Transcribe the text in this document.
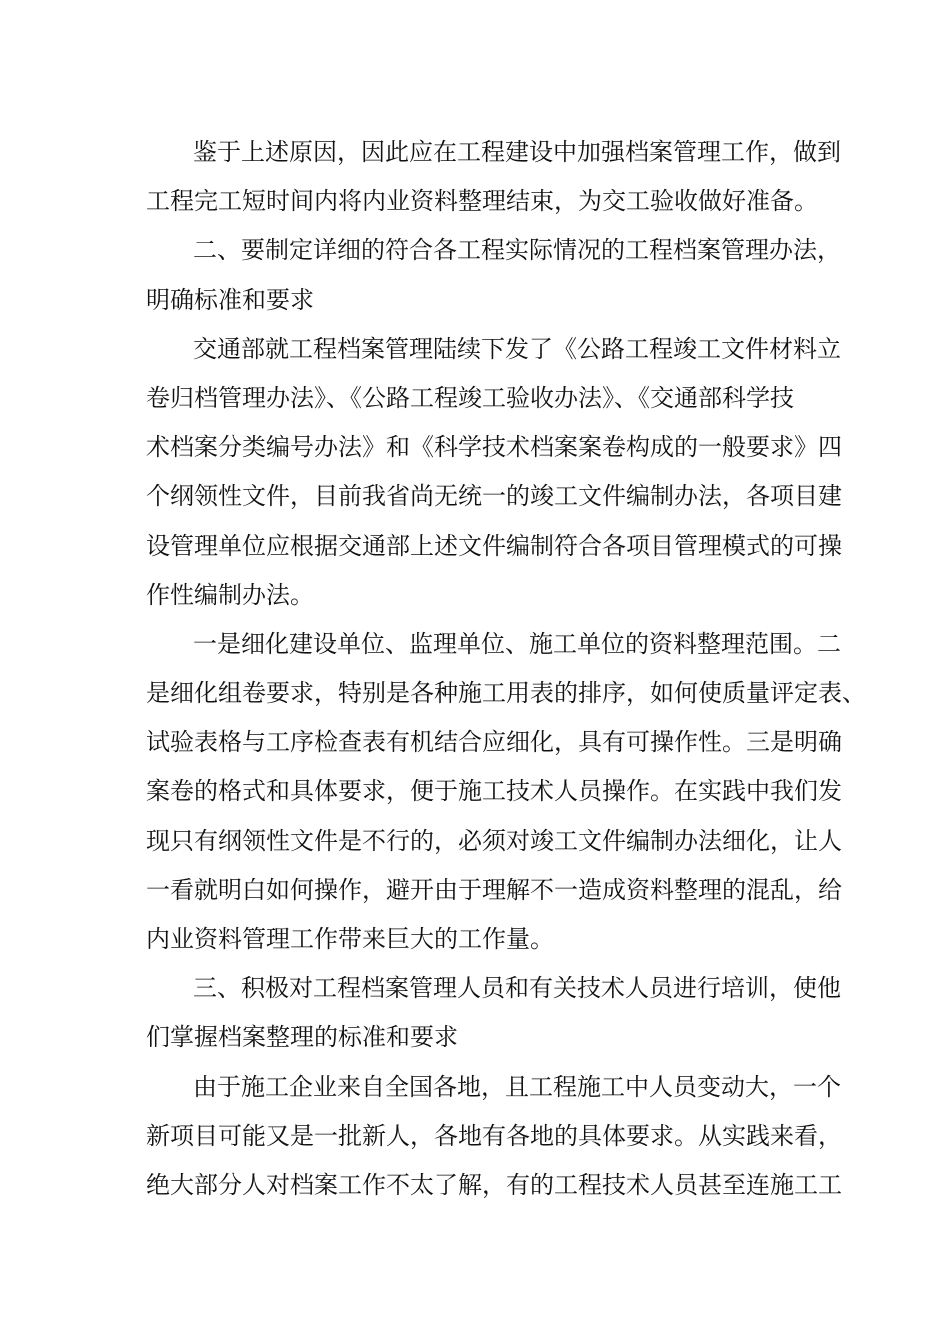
鉴于上述原因，因此应在工程建设中加强档案管理工作，做到
工程完工短时间内将内业资料整理结束，为交工验收做好准备。
二、要制定详细的符合各工程实际情况的工程档案管理办法，
明确标准和要求
交通部就工程档案管理陆续下发了《公路工程竣工文件材料立
卷归档管理办法》、《公路工程竣工验收办法》、《交通部科学技
术档案分类编号办法》和《科学技术档案案卷构成的一般要求》四
个纲领性文件，目前我省尚无统一的竣工文件编制办法，各项目建
设管理单位应根据交通部上述文件编制符合各项目管理模式的可操
作性编制办法。
一是细化建设单位、监理单位、施工单位的资料整理范围。二
是细化组卷要求，特别是各种施工用表的排序，如何使质量评定表、
试验表格与工序检查表有机结合应细化，具有可操作性。三是明确
案卷的格式和具体要求，便于施工技术人员操作。在实践中我们发
现只有纲领性文件是不行的，必须对竣工文件编制办法细化，让人
一看就明白如何操作，避开由于理解不一造成资料整理的混乱，给
内业资料管理工作带来巨大的工作量。
三、积极对工程档案管理人员和有关技术人员进行培训，使他
们掌握档案整理的标准和要求
由于施工企业来自全国各地，且工程施工中人员变动大，一个
新项目可能又是一批新人，各地有各地的具体要求。从实践来看，
绝大部分人对档案工作不太了解，有的工程技术人员甚至连施工工
